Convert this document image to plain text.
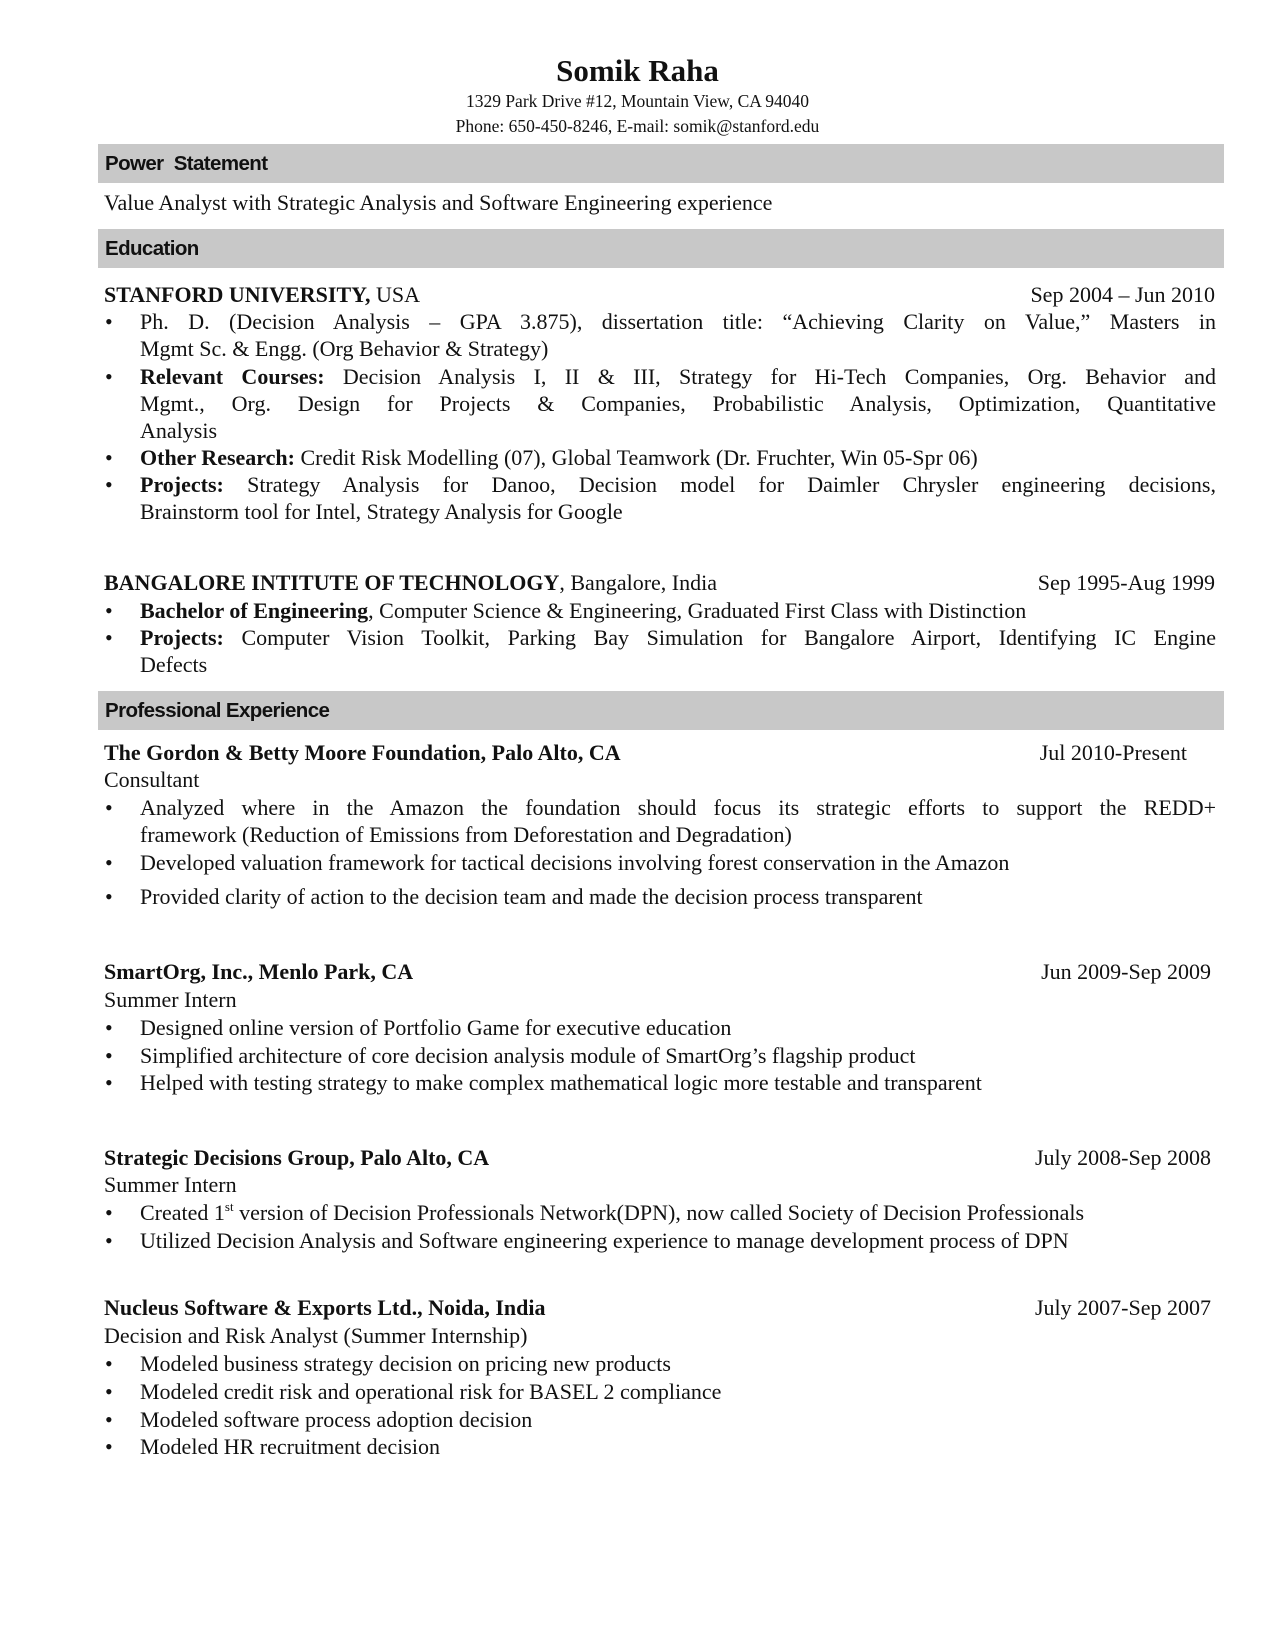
Somik Raha
1329 Park Drive #12, Mountain View, CA 94040
Phone: 650-450-8246, E-mail: somik@stanford.edu
Power  Statement
Value Analyst with Strategic Analysis and Software Engineering experience
Education
STANFORD UNIVERSITY, USA	Sep 2004 – Jun 2010
• Ph. D. (Decision Analysis – GPA 3.875), dissertation title: “Achieving Clarity on Value,” Masters in
Mgmt Sc. & Engg. (Org Behavior & Strategy)
• Relevant Courses: Decision Analysis I, II & III, Strategy for Hi-Tech Companies, Org. Behavior and
Mgmt., Org. Design for Projects & Companies, Probabilistic Analysis, Optimization, Quantitative
Analysis
• Other Research: Credit Risk Modelling (07), Global Teamwork (Dr. Fruchter, Win 05-Spr 06)
• Projects: Strategy Analysis for Danoo, Decision model for Daimler Chrysler engineering decisions,
Brainstorm tool for Intel, Strategy Analysis for Google
BANGALORE INTITUTE OF TECHNOLOGY, Bangalore, India	Sep 1995-Aug 1999
• Bachelor of Engineering, Computer Science & Engineering, Graduated First Class with Distinction
• Projects: Computer Vision Toolkit, Parking Bay Simulation for Bangalore Airport, Identifying IC Engine
Defects
Professional Experience
The Gordon & Betty Moore Foundation, Palo Alto, CA	Jul 2010-Present
Consultant
• Analyzed where in the Amazon the foundation should focus its strategic efforts to support the REDD+
framework (Reduction of Emissions from Deforestation and Degradation)
• Developed valuation framework for tactical decisions involving forest conservation in the Amazon
• Provided clarity of action to the decision team and made the decision process transparent
SmartOrg, Inc., Menlo Park, CA	Jun 2009-Sep 2009
Summer Intern
• Designed online version of Portfolio Game for executive education
• Simplified architecture of core decision analysis module of SmartOrg’s flagship product
• Helped with testing strategy to make complex mathematical logic more testable and transparent
Strategic Decisions Group, Palo Alto, CA	July 2008-Sep 2008
Summer Intern
• Created 1st version of Decision Professionals Network(DPN), now called Society of Decision Professionals
• Utilized Decision Analysis and Software engineering experience to manage development process of DPN
Nucleus Software & Exports Ltd., Noida, India	July 2007-Sep 2007
Decision and Risk Analyst (Summer Internship)
• Modeled business strategy decision on pricing new products
• Modeled credit risk and operational risk for BASEL 2 compliance
• Modeled software process adoption decision
• Modeled HR recruitment decision
